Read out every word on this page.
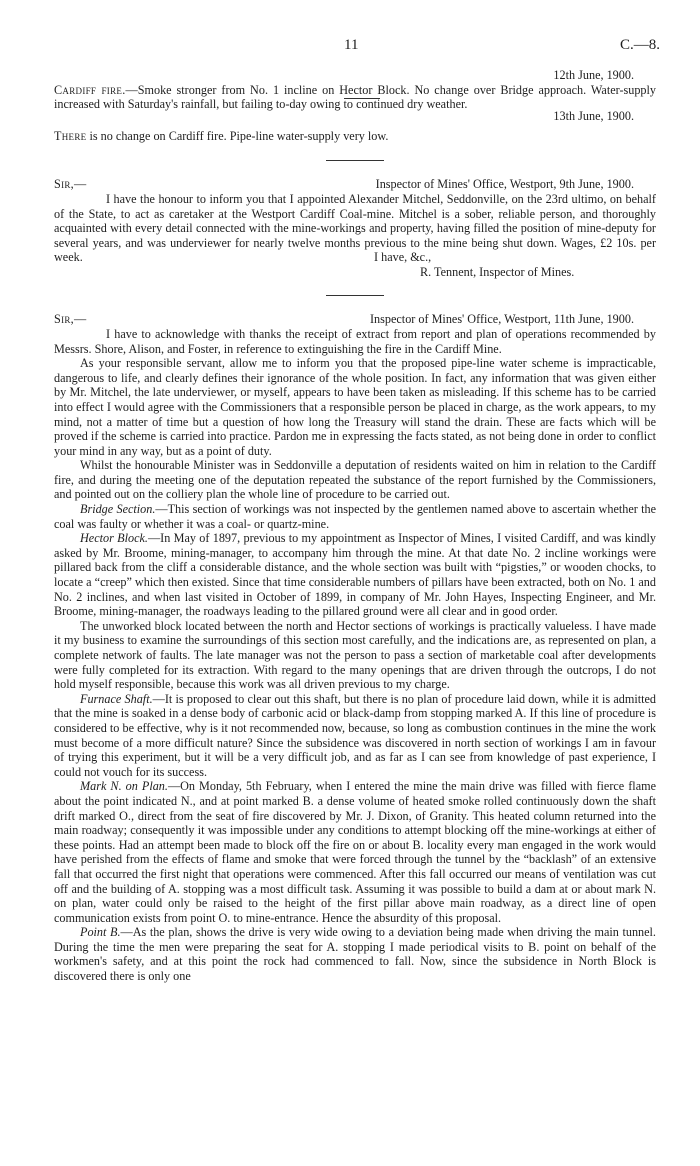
11	C.—8.
12th June, 1900.

Cardiff fire.—Smoke stronger from No. 1 incline on Hector Block. No change over Bridge approach. Water-supply increased with Saturday's rainfall, but failing to-day owing to continued dry weather.

13th June, 1900.

There is no change on Cardiff fire. Pipe-line water-supply very low.

Sir,—	Inspector of Mines' Office, Westport, 9th June, 1900.

I have the honour to inform you that I appointed Alexander Mitchel, Seddonville, on the 23rd ultimo, on behalf of the State, to act as caretaker at the Westport Cardiff Coal-mine. Mitchel is a sober, reliable person, and thoroughly acquainted with every detail connected with the mine-workings and property, having filled the position of mine-deputy for several years, and was underviewer for nearly twelve months previous to the mine being shut down. Wages, £2 10s. per week.	I have, &c.,
R. Tennent, Inspector of Mines.
Sir,—	Inspector of Mines' Office, Westport, 11th June, 1900.

I have to acknowledge with thanks the receipt of extract from report and plan of operations recommended by Messrs. Shore, Alison, and Foster, in reference to extinguishing the fire in the Cardiff Mine.

As your responsible servant, allow me to inform you that the proposed pipe-line water scheme is impracticable, dangerous to life, and clearly defines their ignorance of the whole position. In fact, any information that was given either by Mr. Mitchel, the late underviewer, or myself, appears to have been taken as misleading. If this scheme has to be carried into effect I would agree with the Commissioners that a responsible person be placed in charge, as the work appears, to my mind, not a matter of time but a question of how long the Treasury will stand the drain. These are facts which will be proved if the scheme is carried into practice. Pardon me in expressing the facts stated, as not being done in order to conflict your mind in any way, but as a point of duty.

Whilst the honourable Minister was in Seddonville a deputation of residents waited on him in relation to the Cardiff fire, and during the meeting one of the deputation repeated the substance of the report furnished by the Commissioners, and pointed out on the colliery plan the whole line of procedure to be carried out.

Bridge Section.—This section of workings was not inspected by the gentlemen named above to ascertain whether the coal was faulty or whether it was a coal- or quartz-mine.

Hector Block.—In May of 1897, previous to my appointment as Inspector of Mines, I visited Cardiff, and was kindly asked by Mr. Broome, mining-manager, to accompany him through the mine. At that date No. 2 incline workings were pillared back from the cliff a considerable distance, and the whole section was built with “pigsties,” or wooden chocks, to locate a “creep” which then existed. Since that time considerable numbers of pillars have been extracted, both on No. 1 and No. 2 inclines, and when last visited in October of 1899, in company of Mr. John Hayes, Inspecting Engineer, and Mr. Broome, mining-manager, the roadways leading to the pillared ground were all clear and in good order.

The unworked block located between the north and Hector sections of workings is practically valueless. I have made it my business to examine the surroundings of this section most carefully, and the indications are, as represented on plan, a complete network of faults. The late manager was not the person to pass a section of marketable coal after developments were fully completed for its extraction. With regard to the many openings that are driven through the outcrops, I do not hold myself responsible, because this work was all driven previous to my charge.

Furnace Shaft.—It is proposed to clear out this shaft, but there is no plan of procedure laid down, while it is admitted that the mine is soaked in a dense body of carbonic acid or black-damp from stopping marked A. If this line of procedure is considered to be effective, why is it not recommended now, because, so long as combustion continues in the mine the work must become of a more difficult nature? Since the subsidence was discovered in north section of workings I am in favour of trying this experiment, but it will be a very difficult job, and as far as I can see from knowledge of past experience, I could not vouch for its success.

Mark N. on Plan.—On Monday, 5th February, when I entered the mine the main drive was filled with fierce flame about the point indicated N., and at point marked B. a dense volume of heated smoke rolled continuously down the shaft drift marked O., direct from the seat of fire discovered by Mr. J. Dixon, of Granity. This heated column returned into the main roadway; consequently it was impossible under any conditions to attempt blocking off the mine-workings at either of these points. Had an attempt been made to block off the fire on or about B. locality every man engaged in the work would have perished from the effects of flame and smoke that were forced through the tunnel by the “backlash” of an extensive fall that occurred the first night that operations were commenced. After this fall occurred our means of ventilation was cut off and the building of A. stopping was a most difficult task. Assuming it was possible to build a dam at or about mark N. on plan, water could only be raised to the height of the first pillar above main roadway, as a direct line of open communication exists from point O. to mine-entrance. Hence the absurdity of this proposal.

Point B.—As the plan, shows the drive is very wide owing to a deviation being made when driving the main tunnel. During the time the men were preparing the seat for A. stopping I made periodical visits to B. point on behalf of the workmen's safety, and at this point the rock had commenced to fall. Now, since the subsidence in North Block is discovered there is only one
